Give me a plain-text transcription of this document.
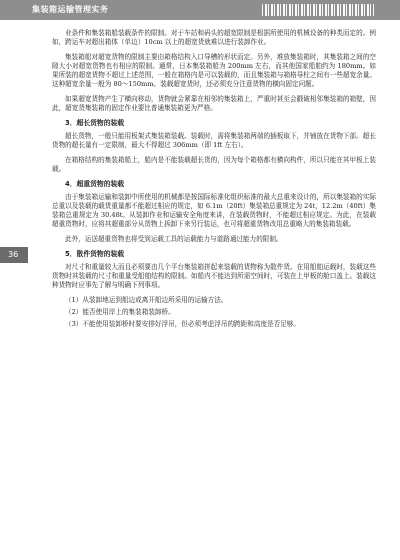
集装箱运输管理实务
36

业条件和集装箱船装载条件的限制。对于车站和码头的超宽限制是根据所使用的机械设备的种类而定的。例如，跨运车对超出箱体（单边）10cm 以上的超宽货就难以进行装卸作业。

集装箱船对超宽货物的限制主要由箱格结构入口导槽的形状而定。另外，堆放集装箱时，其集装箱之间的空隙大小对超宽货物也有相应的限制。通常，日本集装箱船为 200mm 左右，而其他国家船舶约为 180mm。如果所装的超宽货物不超过上述范围，一般在箱格内是可以装载的，而且集装箱与箱格导柱之间有一些超宽余量。这种超宽余量一般为 80～150mm。装载超宽货时，还必须充分注意货物的横向固定问题。

如果超宽货物产生了横向移动，货物就会紧靠在相邻的集装箱上，严重时甚至会戳破相邻集装箱的箱壁，因此，超宽货集装箱的固定作业要比普通集装箱更为严格。

3．超长货物的装载

超长货物，一般只能用板架式集装箱装载。装载时，需将集装箱两端的插板取下，并铺放在货物下部。超长货物的超长量有一定限制，最大不得超过 306mm（即 1ft 左右）。

在箱格结构的集装箱船上，船内是不能装载超长货的，因为每个箱格都有横向构件，所以只能在其甲板上装载。

4．超重货物的装载

由于集装箱运输和装卸中所使用的机械都是按国际标准化组织标准的最大总重来设计的，所以集装箱的实际总重以及装载的载货重量都不能超过相应的规定，如 6.1m（20ft）集装箱总重规定为 24t，12.2m（40ft）集装箱总重规定为 30.48t。从装卸作业和运输安全角度来讲，在装载货物时，不能超过相应规定。为此，在装载超重货物时，应将其超重部分从货物上拆卸下来另行装运，也可将超重货物改用总重略大的集装箱装载。

此外，运送超重货物也将受到运载工具的运载能力与道路通过能力的限制。

5．散件货物的装载

对尺寸和重量较大而且必须要由几个平台集装箱拼起来装载的货物称为散件货。在用船舶运载时，装载这些货物时其装载的尺寸和重量受船舶结构的限制。如船内不能达到所需空间时，可装在上甲板的舱口盖上。装载这种货物时应事先了解与明确下列事项。

（1）从装卸地运到船边或离开船边所采用的运输方法。
（2）能否使用岸上的集装箱装卸桥。
（3）不能使用装卸桥时要安排好浮吊，但必须考虑浮吊的跨距和高度是否足够。
